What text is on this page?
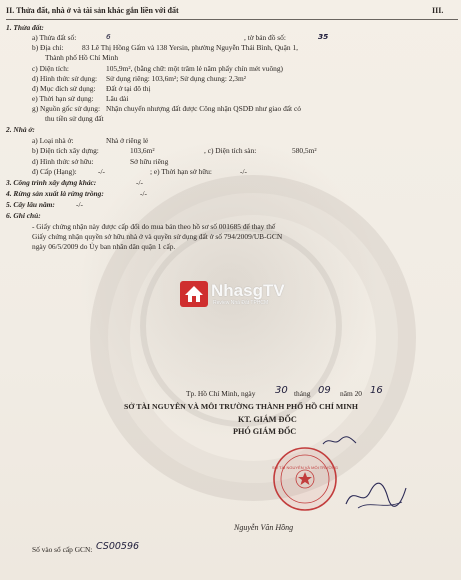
II. Thửa đất, nhà ở và tài sản khác gắn liền với đất	III.
1. Thửa đất:
a) Thửa đất số:	6	, tờ bản đồ số:	35
b) Địa chỉ: 83 Lê Thị Hồng Gấm và 138 Yersin, phường Nguyễn Thái Bình, Quận 1,
Thành phố Hồ Chí Minh
c) Diện tích:	105,9m², (bằng chữ: một trăm lẻ năm phẩy chín mét vuông)
d) Hình thức sử dụng: Sử dụng riêng: 103,6m²; Sử dụng chung: 2,3m²
đ) Mục đích sử dụng: Đất ở tại đô thị
e) Thời hạn sử dụng: Lâu dài
g) Nguồn gốc sử dụng: Nhận chuyển nhượng đất được Công nhận QSDĐ như giao đất có
thu tiền sử dụng đất
2. Nhà ở:
a) Loại nhà ở:	Nhà ở riêng lẻ
b) Diện tích xây dựng:	103,6m²	, c) Diện tích sàn:	580,5m²
d) Hình thức sở hữu:	Sở hữu riêng
đ) Cấp (Hạng):	-/-	; e) Thời hạn sở hữu:	-/-
3. Công trình xây dựng khác:	-/-
4. Rừng sản xuất là rừng trồng:	-/-
5. Cây lâu năm:	-/-
6. Ghi chú:
- Giấy chứng nhận này được cấp đổi do mua bán theo hồ sơ số 001685 để thay thế
Giấy chứng nhận quyền sở hữu nhà ở và quyền sử dụng đất ở số 794/2009/UB-GCN
ngày 06/5/2009 do Ủy ban nhân dân quận 1 cấp.
NhasgTV
Review Nhà Đất TPHCM
Tp. Hồ Chí Minh, ngày 30 tháng 09 năm 20 16
SỞ TÀI NGUYÊN VÀ MÔI TRƯỜNG THÀNH PHỐ HỒ CHÍ MINH
KT. GIÁM ĐỐC
PHÓ GIÁM ĐỐC
SỞ TÀI NGUYÊN VÀ MÔI TRƯỜNG
Nguyễn Văn Hồng
Số vào sổ cấp GCN: CS00596
